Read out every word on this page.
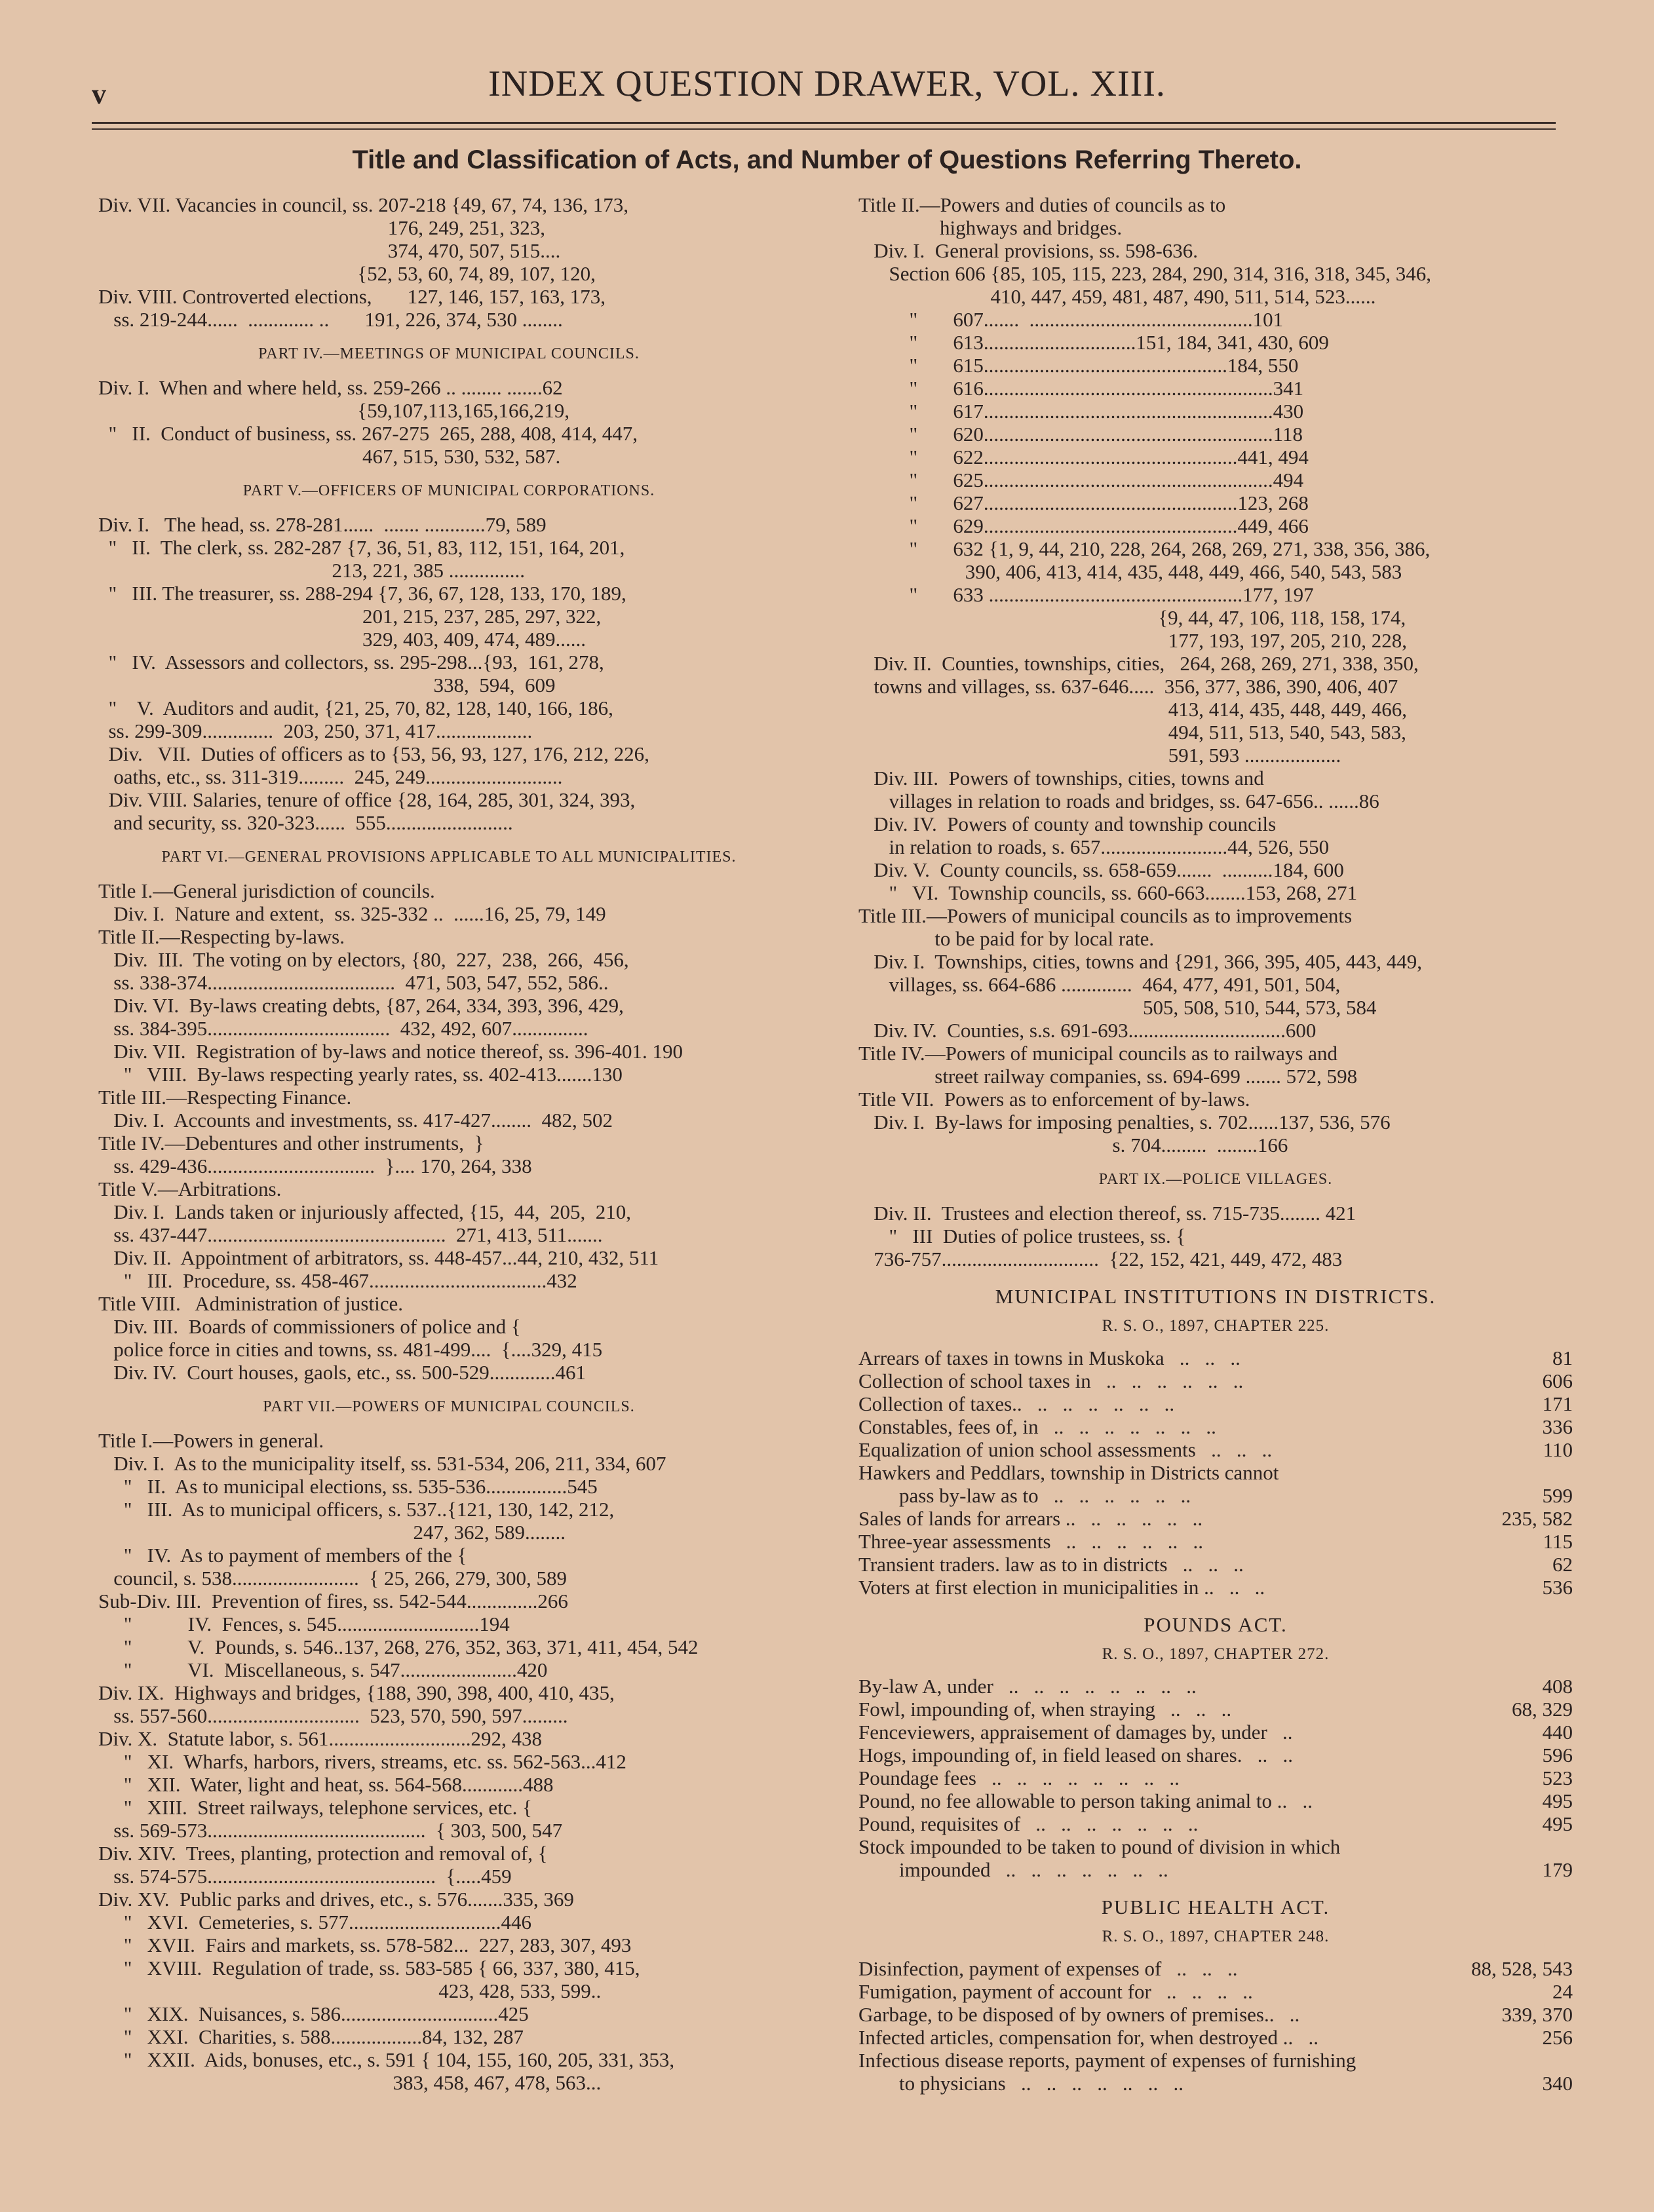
v	INDEX QUESTION DRAWER, VOL. XIII.
Title and Classification of Acts, and Number of Questions Referring Thereto.
Div. VII. Vacancies in council, ss. 207-218 {49, 67, 74, 136, 173,
176, 249, 251, 323,
374, 470, 507, 515....
{52, 53, 60, 74, 89, 107, 120,
Div. VIII. Controverted elections,       127, 146, 157, 163, 173,
ss. 219-244......  ............. ..       191, 226, 374, 530 ........
PART IV.—MEETINGS OF MUNICIPAL COUNCILS.
Div. I.  When and where held, ss. 259-266 .. ........ .......62
{59,107,113,165,166,219,
"   II.  Conduct of business, ss. 267-275  265, 288, 408, 414, 447,
467, 515, 530, 532, 587.
PART V.—OFFICERS OF MUNICIPAL CORPORATIONS.
Div. I.   The head, ss. 278-281......  ....... ............79, 589
"   II.  The clerk, ss. 282-287 {7, 36, 51, 83, 112, 151, 164, 201,
213, 221, 385 ...............
"   III. The treasurer, ss. 288-294 {7, 36, 67, 128, 133, 170, 189,
201, 215, 237, 285, 297, 322,
329, 403, 409, 474, 489......
"   IV.  Assessors and collectors, ss. 295-298...{93,  161, 278,
338,  594,  609
"    V.  Auditors and audit, {21, 25, 70, 82, 128, 140, 166, 186,
ss. 299-309..............  203, 250, 371, 417...................
Div.   VII.  Duties of officers as to {53, 56, 93, 127, 176, 212, 226,
oaths, etc., ss. 311-319.........  245, 249...........................
Div. VIII. Salaries, tenure of office {28, 164, 285, 301, 324, 393,
and security, ss. 320-323......  555.........................
PART VI.—GENERAL PROVISIONS APPLICABLE TO ALL MUNICIPALITIES.
Title I.—General jurisdiction of councils.
Div. I.  Nature and extent,  ss. 325-332 ..  ......16, 25, 79, 149
Title II.—Respecting by-laws.
Div.  III.  The voting on by electors, {80,  227,  238,  266,  456,
ss. 338-374.....................................  471, 503, 547, 552, 586..
Div. VI.  By-laws creating debts, {87, 264, 334, 393, 396, 429,
ss. 384-395....................................  432, 492, 607...............
Div. VII.  Registration of by-laws and notice thereof, ss. 396-401. 190
"   VIII.  By-laws respecting yearly rates, ss. 402-413.......130
Title III.—Respecting Finance.
Div. I.  Accounts and investments, ss. 417-427........  482, 502
Title IV.—Debentures and other instruments,  }
ss. 429-436.................................  }.... 170, 264, 338
Title V.—Arbitrations.
Div. I.  Lands taken or injuriously affected, {15,  44,  205,  210,
ss. 437-447...............................................  271, 413, 511.......
Div. II.  Appointment of arbitrators, ss. 448-457...44, 210, 432, 511
"   III.  Procedure, ss. 458-467...................................432
Title VIII.   Administration of justice.
Div. III.  Boards of commissioners of police and {
police force in cities and towns, ss. 481-499....  {....329, 415
Div. IV.  Court houses, gaols, etc., ss. 500-529.............461
PART VII.—POWERS OF MUNICIPAL COUNCILS.
Title I.—Powers in general.
Div. I.  As to the municipality itself, ss. 531-534, 206, 211, 334, 607
"   II.  As to municipal elections, ss. 535-536................545
"   III.  As to municipal officers, s. 537..{121, 130, 142, 212,
247, 362, 589........
"   IV.  As to payment of members of the {
council, s. 538.........................  { 25, 266, 279, 300, 589
Sub-Div. III.  Prevention of fires, ss. 542-544..............266
"           IV.  Fences, s. 545............................194
"           V.  Pounds, s. 546..137, 268, 276, 352, 363, 371, 411, 454, 542
"           VI.  Miscellaneous, s. 547.......................420
Div. IX.  Highways and bridges, {188, 390, 398, 400, 410, 435,
ss. 557-560..............................  523, 570, 590, 597.........
Div. X.  Statute labor, s. 561............................292, 438
"   XI.  Wharfs, harbors, rivers, streams, etc. ss. 562-563...412
"   XII.  Water, light and heat, ss. 564-568............488
"   XIII.  Street railways, telephone services, etc. {
ss. 569-573...........................................  { 303, 500, 547
Div. XIV.  Trees, planting, protection and removal of, {
ss. 574-575.............................................  {.....459
Div. XV.  Public parks and drives, etc., s. 576.......335, 369
"   XVI.  Cemeteries, s. 577..............................446
"   XVII.  Fairs and markets, ss. 578-582...  227, 283, 307, 493
"   XVIII.  Regulation of trade, ss. 583-585 { 66, 337, 380, 415,
423, 428, 533, 599..
"   XIX.  Nuisances, s. 586...............................425
"   XXI.  Charities, s. 588..................84, 132, 287
"   XXII.  Aids, bonuses, etc., s. 591 { 104, 155, 160, 205, 331, 353,
383, 458, 467, 478, 563...
Title II.—Powers and duties of councils as to
highways and bridges.
Div. I.  General provisions, ss. 598-636.
Section 606 {85, 105, 115, 223, 284, 290, 314, 316, 318, 345, 346,
410, 447, 459, 481, 487, 490, 511, 514, 523......
"       607.......  ............................................101
"       613..............................151, 184, 341, 430, 609
"       615................................................184, 550
"       616.........................................................341
"       617.........................................................430
"       620.........................................................118
"       622..................................................441, 494
"       625.........................................................494
"       627..................................................123, 268
"       629..................................................449, 466
"       632 {1, 9, 44, 210, 228, 264, 268, 269, 271, 338, 356, 386,
390, 406, 413, 414, 435, 448, 449, 466, 540, 543, 583
"       633 ..................................................177, 197
{9, 44, 47, 106, 118, 158, 174,
177, 193, 197, 205, 210, 228,
Div. II.  Counties, townships, cities,   264, 268, 269, 271, 338, 350,
towns and villages, ss. 637-646.....  356, 377, 386, 390, 406, 407
413, 414, 435, 448, 449, 466,
494, 511, 513, 540, 543, 583,
591, 593 ...................
Div. III.  Powers of townships, cities, towns and
villages in relation to roads and bridges, ss. 647-656.. ......86
Div. IV.  Powers of county and township councils
in relation to roads, s. 657.........................44, 526, 550
Div. V.  County councils, ss. 658-659.......  ..........184, 600
"   VI.  Township councils, ss. 660-663........153, 268, 271
Title III.—Powers of municipal councils as to improvements
to be paid for by local rate.
Div. I.  Townships, cities, towns and {291, 366, 395, 405, 443, 449,
villages, ss. 664-686 ..............  464, 477, 491, 501, 504,
505, 508, 510, 544, 573, 584
Div. IV.  Counties, s.s. 691-693...............................600
Title IV.—Powers of municipal councils as to railways and
street railway companies, ss. 694-699 ....... 572, 598
Title VII.  Powers as to enforcement of by-laws.
Div. I.  By-laws for imposing penalties, s. 702......137, 536, 576
s. 704.........  ........166
PART IX.—POLICE VILLAGES.
Div. II.  Trustees and election thereof, ss. 715-735........ 421
"   III  Duties of police trustees, ss. {
736-757...............................  {22, 152, 421, 449, 472, 483
MUNICIPAL INSTITUTIONS IN DISTRICTS.
R. S. O., 1897, CHAPTER 225.
Arrears of taxes in towns in Muskoka   ..   ..   ..	81
Collection of school taxes in   ..   ..   ..   ..   ..   ..	606
Collection of taxes..   ..   ..   ..   ..   ..   ..	171
Constables, fees of, in   ..   ..   ..   ..   ..   ..   ..	336
Equalization of union school assessments   ..   ..   ..	110
Hawkers and Peddlars, township in Districts cannot
pass by-law as to   ..   ..   ..   ..   ..   ..	599
Sales of lands for arrears ..   ..   ..   ..   ..   ..	235, 582
Three-year assessments   ..   ..   ..   ..   ..   ..	115
Transient traders. law as to in districts   ..   ..   ..	62
Voters at first election in municipalities in ..   ..   ..	536
POUNDS ACT.
R. S. O., 1897, CHAPTER 272.
By-law A, under   ..   ..   ..   ..   ..   ..   ..   ..	408
Fowl, impounding of, when straying   ..   ..   ..	68, 329
Fenceviewers, appraisement of damages by, under   ..	440
Hogs, impounding of, in field leased on shares.   ..   ..	596
Poundage fees   ..   ..   ..   ..   ..   ..   ..   ..	523
Pound, no fee allowable to person taking animal to ..   ..	495
Pound, requisites of   ..   ..   ..   ..   ..   ..   ..	495
Stock impounded to be taken to pound of division in which
impounded   ..   ..   ..   ..   ..   ..   ..	179
PUBLIC HEALTH ACT.
R. S. O., 1897, CHAPTER 248.
Disinfection, payment of expenses of   ..   ..   ..	88, 528, 543
Fumigation, payment of account for   ..   ..   ..   ..	24
Garbage, to be disposed of by owners of premises..   ..	339, 370
Infected articles, compensation for, when destroyed ..   ..	256
Infectious disease reports, payment of expenses of furnishing
to physicians   ..   ..   ..   ..   ..   ..   ..	340
